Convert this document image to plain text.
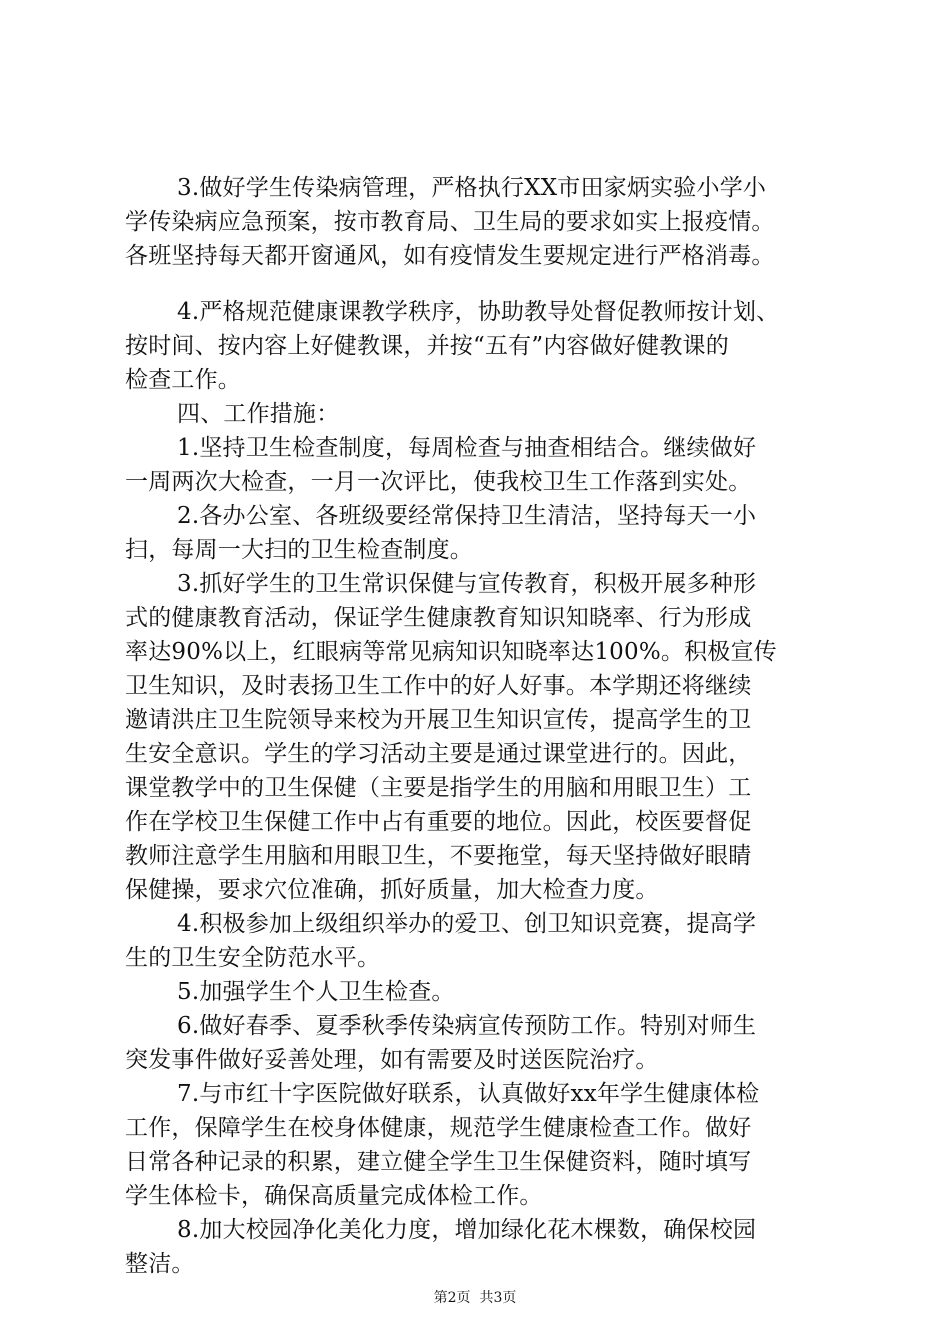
3.做好学生传染病管理，严格执行XX市田家炳实验小学小
学传染病应急预案，按市教育局、卫生局的要求如实上报疫情。
各班坚持每天都开窗通风，如有疫情发生要规定进行严格消毒。
4.严格规范健康课教学秩序，协助教导处督促教师按计划、
按时间、按内容上好健教课，并按“五有”内容做好健教课的
检查工作。
四、工作措施：
1.坚持卫生检查制度，每周检查与抽查相结合。继续做好
一周两次大检查，一月一次评比，使我校卫生工作落到实处。
2.各办公室、各班级要经常保持卫生清洁，坚持每天一小
扫，每周一大扫的卫生检查制度。
3.抓好学生的卫生常识保健与宣传教育，积极开展多种形
式的健康教育活动，保证学生健康教育知识知晓率、行为形成
率达90%以上，红眼病等常见病知识知晓率达100%。积极宣传
卫生知识，及时表扬卫生工作中的好人好事。本学期还将继续
邀请洪庄卫生院领导来校为开展卫生知识宣传，提高学生的卫
生安全意识。学生的学习活动主要是通过课堂进行的。因此，
课堂教学中的卫生保健（主要是指学生的用脑和用眼卫生）工
作在学校卫生保健工作中占有重要的地位。因此，校医要督促
教师注意学生用脑和用眼卫生，不要拖堂，每天坚持做好眼睛
保健操，要求穴位准确，抓好质量，加大检查力度。
4.积极参加上级组织举办的爱卫、创卫知识竞赛，提高学
生的卫生安全防范水平。
5.加强学生个人卫生检查。
6.做好春季、夏季秋季传染病宣传预防工作。特别对师生
突发事件做好妥善处理，如有需要及时送医院治疗。
7.与市红十字医院做好联系，认真做好xx年学生健康体检
工作，保障学生在校身体健康，规范学生健康检查工作。做好
日常各种记录的积累，建立健全学生卫生保健资料，随时填写
学生体检卡，确保高质量完成体检工作。
8.加大校园净化美化力度，增加绿化花木棵数，确保校园
整洁。
第2页  共3页
